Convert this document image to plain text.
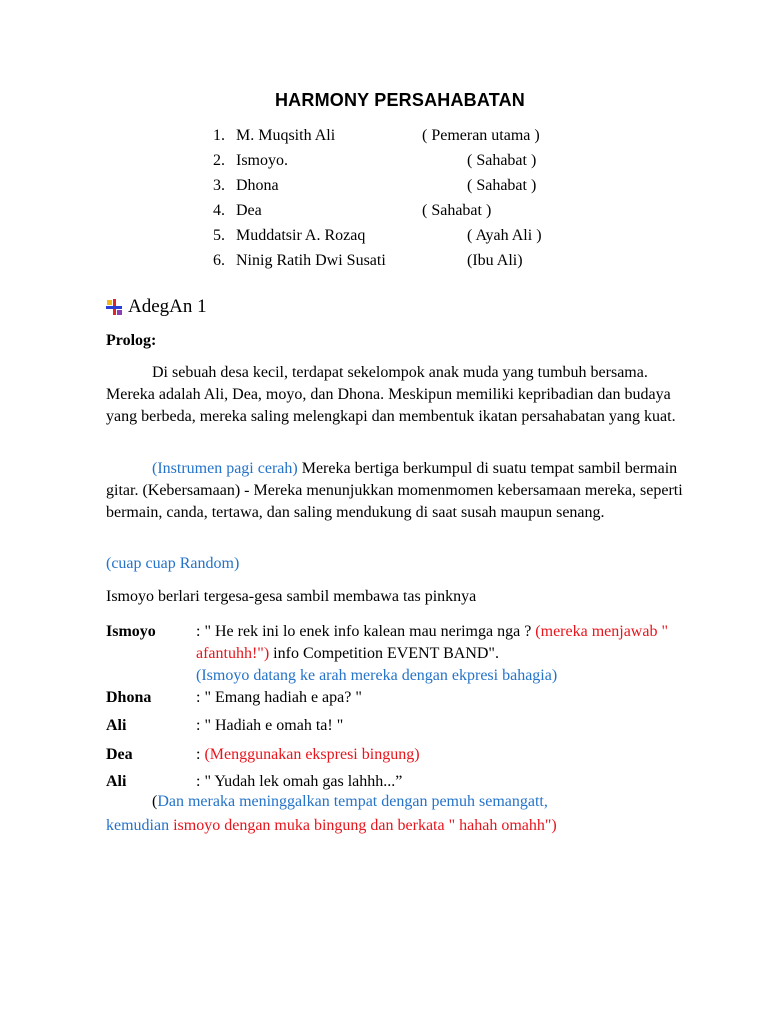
HARMONY PERSAHABATAN
1. M. Muqsith Ali	( Pemeran utama )
2. Ismoyo.	( Sahabat )
3. Dhona	( Sahabat )
4. Dea	( Sahabat )
5. Muddatsir A. Rozaq	( Ayah Ali )
6. Ninig Ratih Dwi Susati	(Ibu Ali)
AdegAn 1
Prolog:
Di sebuah desa kecil, terdapat sekelompok anak muda yang tumbuh bersama. Mereka adalah Ali, Dea, moyo, dan Dhona. Meskipun memiliki kepribadian dan budaya yang berbeda, mereka saling melengkapi dan membentuk ikatan persahabatan yang kuat.
(Instrumen pagi cerah) Mereka bertiga berkumpul di suatu tempat sambil bermain gitar. (Kebersamaan) - Mereka menunjukkan momenmomen kebersamaan mereka, seperti bermain, canda, tertawa, dan saling mendukung di saat susah maupun senang.
(cuap cuap Random)
Ismoyo berlari tergesa-gesa sambil membawa tas pinknya
Ismoyo	: " He rek ini lo enek info kalean mau nerimga nga ? (mereka menjawab " afantuhh!") info Competition EVENT BAND".
(Ismoyo datang ke arah mereka dengan ekpresi bahagia)
Dhona	: " Emang hadiah e apa? "
Ali	: " Hadiah e omah ta! "
Dea	: (Menggunakan ekspresi bingung)
Ali	: " Yudah lek omah gas lahhh...”
(Dan meraka meninggalkan tempat dengan pemuh semangatt,
kemudian ismoyo dengan muka bingung dan berkata " hahah omahh")
